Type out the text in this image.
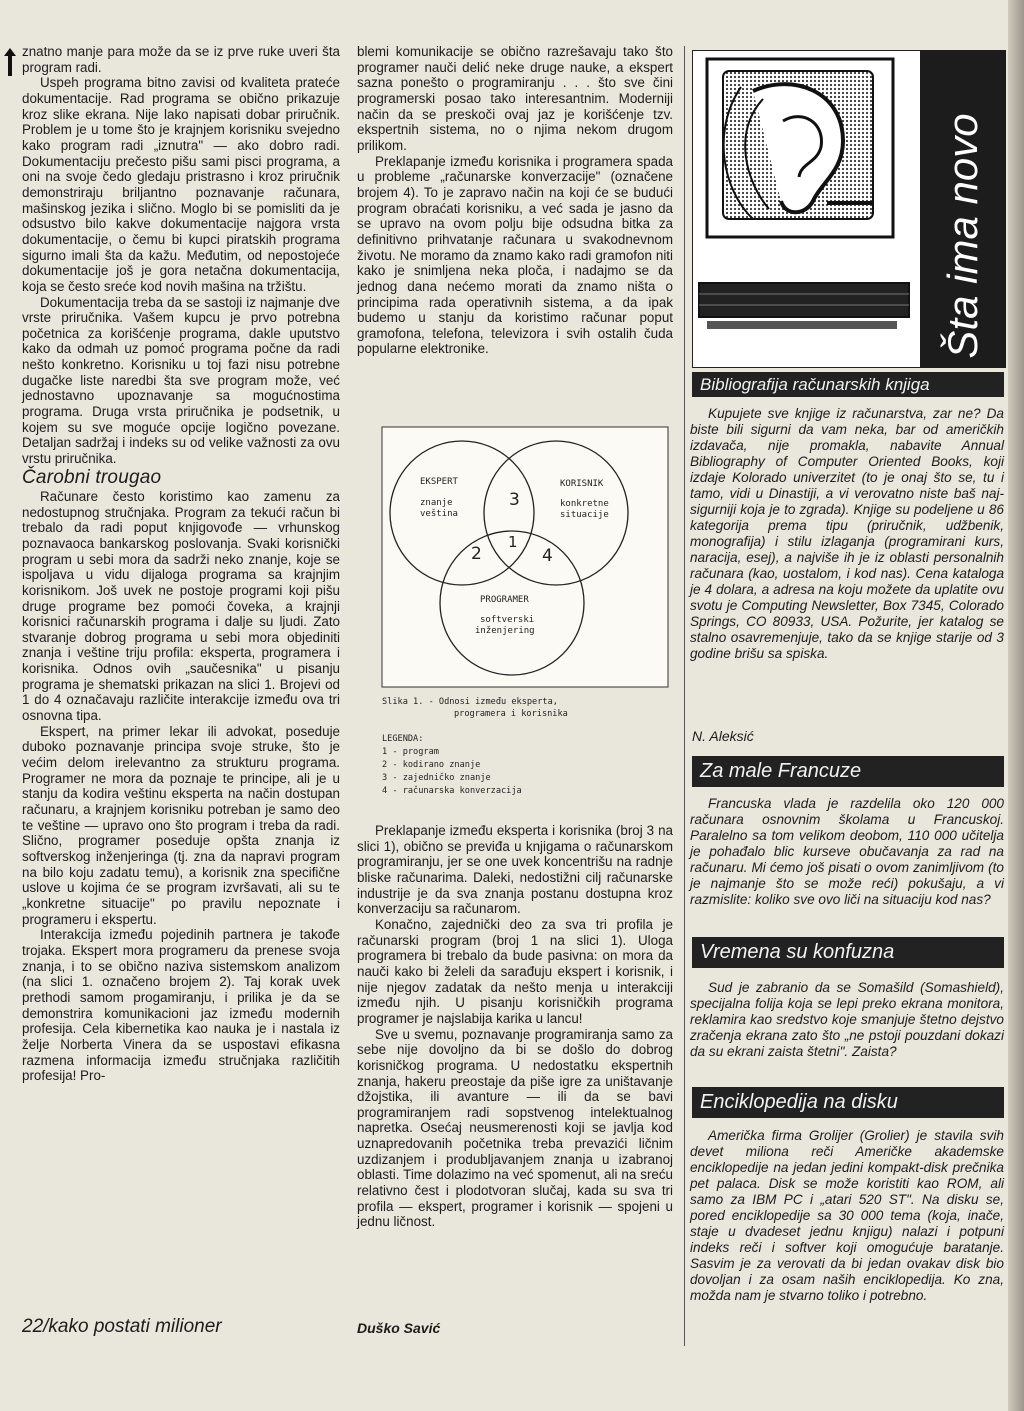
znatno manje para može da se iz prve ruke uveri šta program radi.

Uspeh programa bitno zavisi od kvaliteta prateće dokumentacije. Rad programa se obično prikazuje kroz slike ekrana. Nije lako napisati dobar priručnik. Problem je u tome što je krajnjem korisniku svejedno kako program radi „iznutra" — ako dobro radi. Dokumentaciju prečesto pišu sami pisci programa, a oni na svoje čedo gledaju pristrasno i kroz priručnik demonstriraju briljantno poznavanje računara, mašinskog jezika i slično. Moglo bi se pomisliti da je odsustvo bilo kakve dokumentacije najgora vrsta dokumentacije, o čemu bi kupci piratskih programa sigurno imali šta da kažu. Međutim, od nepostojeće dokumentacije još je gora netačna dokumentacija, koja se često sreće kod novih mašina na tržištu.

Dokumentacija treba da se sastoji iz najmanje dve vrste priručnika. Vašem kupcu je prvo potrebna početnica za korišćenje programa, dakle uputstvo kako da odmah uz pomoć programa počne da radi nešto konkretno. Korisniku u toj fazi nisu potrebne dugačke liste naredbi šta sve program može, već jednostavno upoznavanje sa mogućnostima programa. Druga vrsta priručnika je podsetnik, u kojem su sve moguće opcije logično povezane. Detaljan sadržaj i indeks su od velike važnosti za ovu vrstu priručnika.

Čarobni trougao

Računare često koristimo kao zamenu za nedostupnog stručnjaka. Program za tekući račun bi trebalo da radi poput knjigovođe — vrhunskog poznavaoca bankarskog poslovanja. Svaki korisnički program u sebi mora da sadrži neko znanje, koje se ispoljava u vidu dijaloga programa sa krajnjim korisnikom. Još uvek ne postoje programi koji pišu druge programe bez pomoći čoveka, a krajnji korisnici računarskih programa i dalje su ljudi. Zato stvaranje dobrog programa u sebi mora objediniti znanja i veštine triju profila: eksperta, programera i korisnika. Odnos ovih „saučesnika" u pisanju programa je shematski prikazan na slici 1. Brojevi od 1 do 4 označavaju različite interakcije između ova tri osnovna tipa.

Ekspert, na primer lekar ili advokat, poseduje duboko poznavanje principa svoje struke, što je većim delom irelevantno za strukturu programa. Programer ne mora da poznaje te principe, ali je u stanju da kodira veštinu eksperta na način dostupan računaru, a krajnjem korisniku potreban je samo deo te veštine — upravo ono što program i treba da radi. Slično, programer poseduje opšta znanja iz softverskog inženjeringa (tj. zna da napravi program na bilo koju zadatu temu), a korisnik zna specifične uslove u kojima će se program izvršavati, ali su te „konkretne situacije" po pravilu nepoznate i programeru i ekspertu.

Interakcija između pojedinih partnera je takođe trojaka. Ekspert mora programeru da prenese svoja znanja, i to se obično naziva sistemskom analizom (na slici 1. označeno brojem 2). Taj korak uvek prethodi samom progamiranju, i prilika je da se demonstrira komunikacioni jaz između modernih profesija. Cela kibernetika kao nauka je i nastala iz želje Norberta Vinera da se uspostavi efikasna razmena informacija između stručnjaka različitih profesija! Pro-

blemi komunikacije se obično razrešavaju tako što programer nauči delić neke druge nauke, a ekspert sazna ponešto o programiranju . . . što sve čini programerski posao tako interesantnim. Moderniji način da se preskoči ovaj jaz je korišćenje tzv. ekspertnih sistema, no o njima nekom drugom prilikom.

Preklapanje između korisnika i programera spada u probleme „računarske konverzacije" (označene brojem 4). To je zapravo način na koji će se budući program obraćati korisniku, a već sada je jasno da se upravo na ovom polju bije odsudna bitka za definitivno prihvatanje računara u svakodnevnom životu. Ne moramo da znamo kako radi gramofon niti kako je snimljena neka ploča, i nadajmo se da jednog dana nećemo morati da znamo ništa o principima rada operativnih sistema, a da ipak budemo u stanju da koristimo računar poput gramofona, telefona, televizora i svih ostalih čuda popularne elektronike.

EKSPERT
znanje
veština
KORISNIK
konkretne
situacije
PROGRAMER
softverski
inženjering
3
1
2	4
Slika 1. - Odnosi između eksperta,
programera i korisnika
LEGENDA:
1 - program
2 - kodirano znanje
3 - zajedničko znanje
4 - računarska konverzacija

Preklapanje između eksperta i korisnika (broj 3 na slici 1), obično se previđa u knjigama o računarskom programiranju, jer se one uvek koncentrišu na radnje bliske računarima. Daleki, nedostižni cilj računarske industrije je da sva znanja postanu dostupna kroz konverzaciju sa računarom.

Konačno, zajednički deo za sva tri profila je računarski program (broj 1 na slici 1). Uloga programera bi trebalo da bude pasivna: on mora da nauči kako bi želeli da sarađuju ekspert i korisnik, i nije njegov zadatak da nešto menja u interakciji između njih. U pisanju korisničkih programa programer je najslabija karika u lancu!

Sve u svemu, poznavanje programiranja samo za sebe nije dovoljno da bi se došlo do dobrog korisničkog programa. U nedostatku ekspertnih znanja, hakeru preostaje da piše igre za uništavanje džojstika, ili avanture — ili da se bavi programiranjem radi sopstvenog intelektualnog napretka. Osećaj neusmerenosti koji se javlja kod uznapredovanih početnika treba prevazići ličnim uzdizanjem i produbljavanjem znanja u izabranoj oblasti. Time dolazimo na već spomenut, ali na sreću relativno čest i plodotvoran slučaj, kada su sva tri profila — ekspert, programer i korisnik — spojeni u jednu ličnost.

Duško Savić
22/kako postati milioner
Šta ima novo
Bibliografija računarskih knjiga

Kupujete sve knjige iz računarstva, zar ne? Da biste bili sigurni da vam neka, bar od američkih izdavača, nije promakla, nabavite Annual Bibliography of Computer Oriented Books, koji izdaje Kolorado univerzitet (to je onaj što se, tu i tamo, vidi u Dinastiji, a vi verovatno niste baš naj-sigurniji koja je to zgrada). Knjige su podeljene u 86 kategorija prema tipu (priručnik, udžbenik, monografija) i stilu izlaganja (programirani kurs, naracija, esej), a najviše ih je iz oblasti personalnih računara (kao, uostalom, i kod nas). Cena kataloga je 4 dolara, a adresa na koju možete da uplatite ovu svotu je Computing Newsletter, Box 7345, Colorado Springs, CO 80933, USA. Požurite, jer katalog se stalno osavremenjuje, tako da se knjige starije od 3 godine brišu sa spiska.

N. Aleksić
Za male Francuze

Francuska vlada je razdelila oko 120 000 računara osnovnim školama u Francuskoj. Paralelno sa tom velikom deobom, 110 000 učitelja je pohađalo blic kurseve obučavanja za rad na računaru. Mi ćemo još pisati o ovom zanimljivom (to je najmanje što se može reći) pokušaju, a vi razmislite: koliko sve ovo liči na situaciju kod nas?

Vremena su konfuzna

Sud je zabranio da se Somašild (Somashield), specijalna folija koja se lepi preko ekrana monitora, reklamira kao sredstvo koje smanjuje štetno dejstvo zračenja ekrana zato što „ne pstoji pouzdani dokazi da su ekrani zaista štetni". Zaista?

Enciklopedija na disku

Američka firma Grolijer (Grolier) je stavila svih devet miliona reči Američke akademske enciklopedije na jedan jedini kompakt-disk prečnika pet palaca. Disk se može koristiti kao ROM, ali samo za IBM PC i „atari 520 ST". Na disku se, pored enciklopedije sa 30 000 tema (koja, inače, staje u dvadeset jednu knjigu) nalazi i potpuni indeks reči i softver koji omogućuje baratanje. Sasvim je za verovati da bi jedan ovakav disk bio dovoljan i za osam naših enciklopedija. Ko zna, možda nam je stvarno toliko i potrebno.
